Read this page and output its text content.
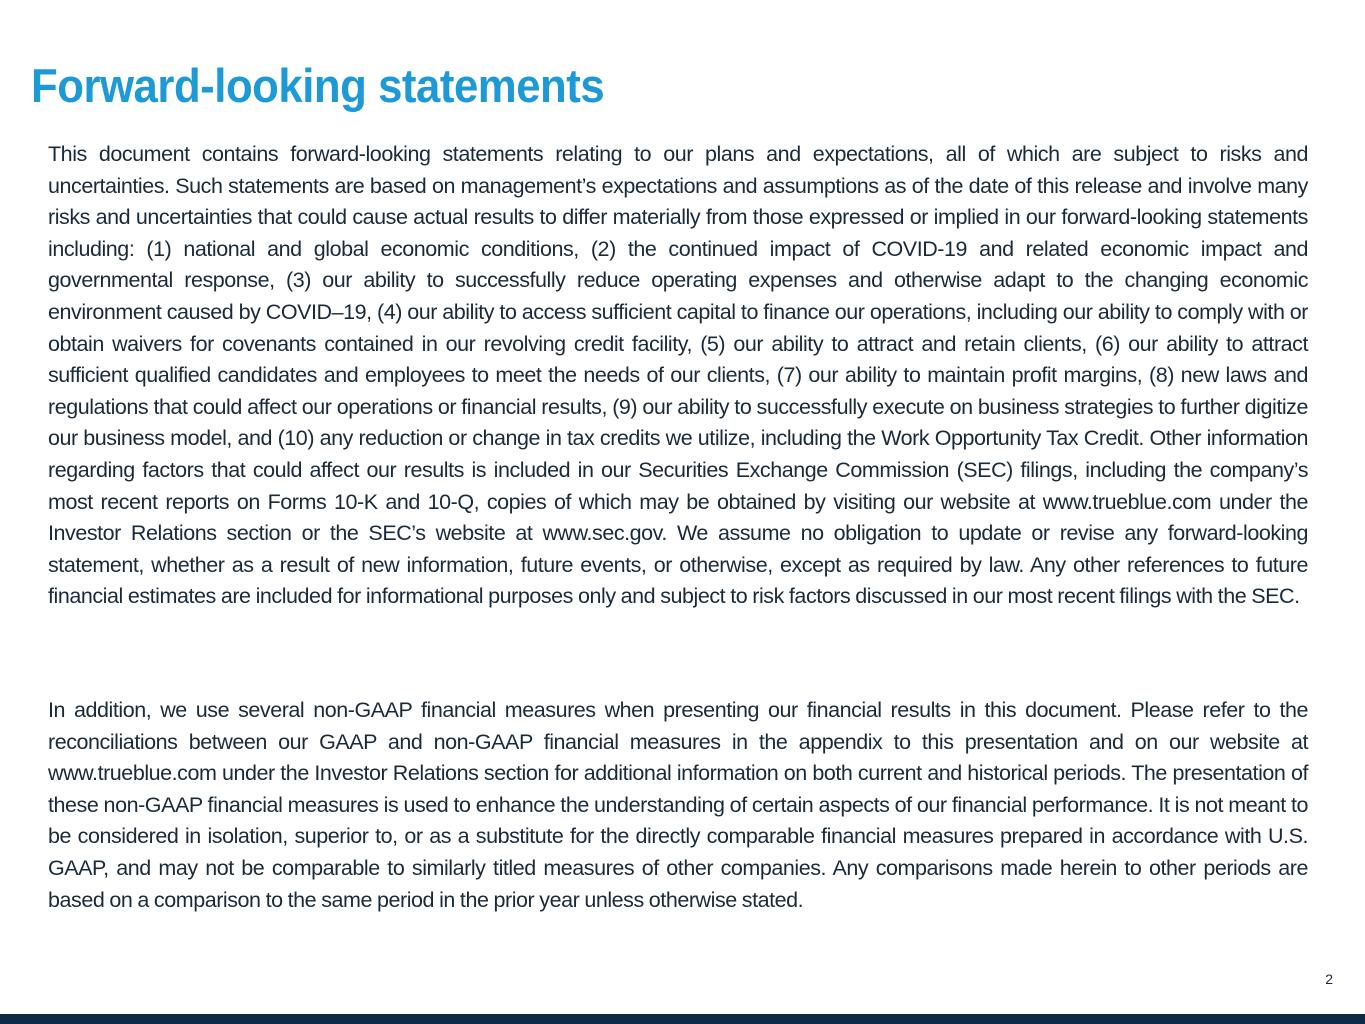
Forward-looking statements

This document contains forward-looking statements relating to our plans and expectations, all of which are subject to risks and uncertainties. Such statements are based on management’s expectations and assumptions as of the date of this release and involve many risks and uncertainties that could cause actual results to differ materially from those expressed or implied in our forward-looking statements including: (1) national and global economic conditions, (2) the continued impact of COVID-19 and related economic impact and governmental response, (3) our ability to successfully reduce operating expenses and otherwise adapt to the changing economic environment caused by COVID–19, (4) our ability to access sufficient capital to finance our operations, including our ability to comply with or obtain waivers for covenants contained in our revolving credit facility, (5) our ability to attract and retain clients, (6) our ability to attract sufficient qualified candidates and employees to meet the needs of our clients, (7) our ability to maintain profit margins, (8) new laws and regulations that could affect our operations or financial results, (9) our ability to successfully execute on business strategies to further digitize our business model, and (10) any reduction or change in tax credits we utilize, including the Work Opportunity Tax Credit. Other information regarding factors that could affect our results is included in our Securities Exchange Commission (SEC) filings, including the company’s most recent reports on Forms 10-K and 10-Q, copies of which may be obtained by visiting our website at www.trueblue.com under the Investor Relations section or the SEC’s website at www.sec.gov. We assume no obligation to update or revise any forward-looking statement, whether as a result of new information, future events, or otherwise, except as required by law. Any other references to future financial estimates are included for informational purposes only and subject to risk factors discussed in our most recent filings with the SEC.

In addition, we use several non-GAAP financial measures when presenting our financial results in this document. Please refer to the reconciliations between our GAAP and non-GAAP financial measures in the appendix to this presentation and on our website at www.trueblue.com under the Investor Relations section for additional information on both current and historical periods. The presentation of these non-GAAP financial measures is used to enhance the understanding of certain aspects of our financial performance. It is not meant to be considered in isolation, superior to, or as a substitute for the directly comparable financial measures prepared in accordance with U.S. GAAP, and may not be comparable to similarly titled measures of other companies. Any comparisons made herein to other periods are based on a comparison to the same period in the prior year unless otherwise stated.

2
